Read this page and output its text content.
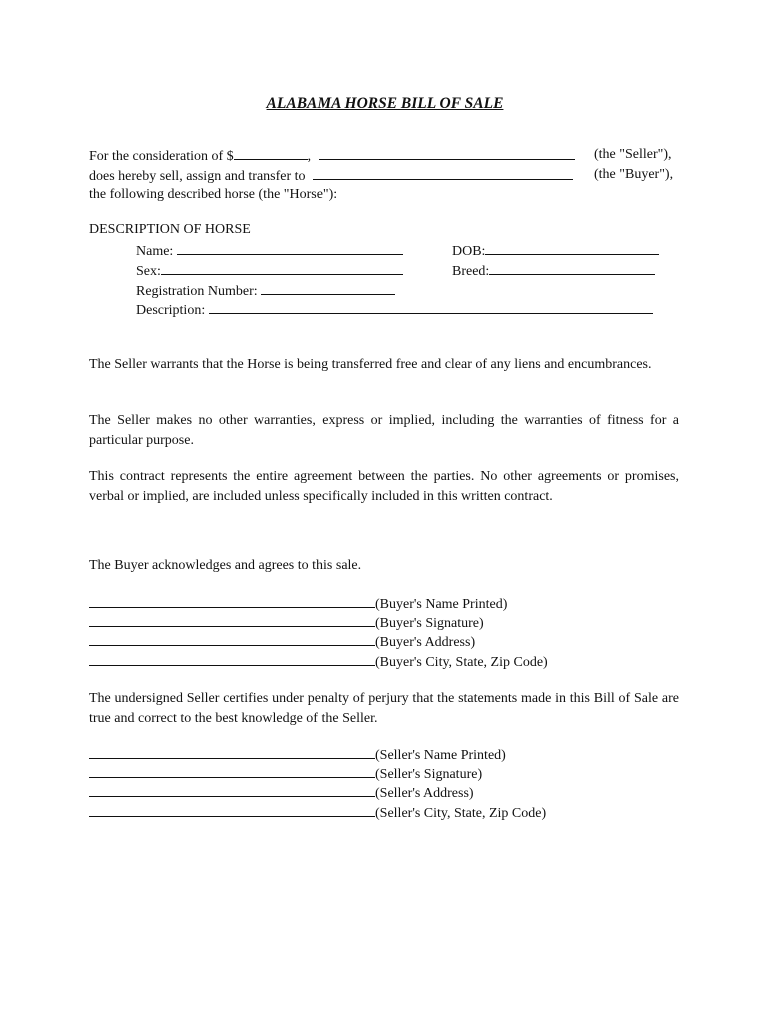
ALABAMA HORSE BILL OF SALE
For the consideration of $	,	(the "Seller"),
does hereby sell, assign and transfer to	(the "Buyer"),
the following described horse (the "Horse"):
DESCRIPTION OF HORSE
Name:	DOB:
Sex:	Breed:
Registration Number:
Description:
The Seller warrants that the Horse is being transferred free and clear of any liens and encumbrances.
The Seller makes no other warranties, express or implied, including the warranties of fitness for a particular purpose.
This contract represents the entire agreement between the parties. No other agreements or promises, verbal or implied, are included unless specifically included in this written contract.
The Buyer acknowledges and agrees to this sale.
(Buyer's Name Printed)
(Buyer's Signature)
(Buyer's Address)
(Buyer's City, State, Zip Code)
The undersigned Seller certifies under penalty of perjury that the statements made in this Bill of Sale are true and correct to the best knowledge of the Seller.
(Seller's Name Printed)
(Seller's Signature)
(Seller's Address)
(Seller's City, State, Zip Code)
